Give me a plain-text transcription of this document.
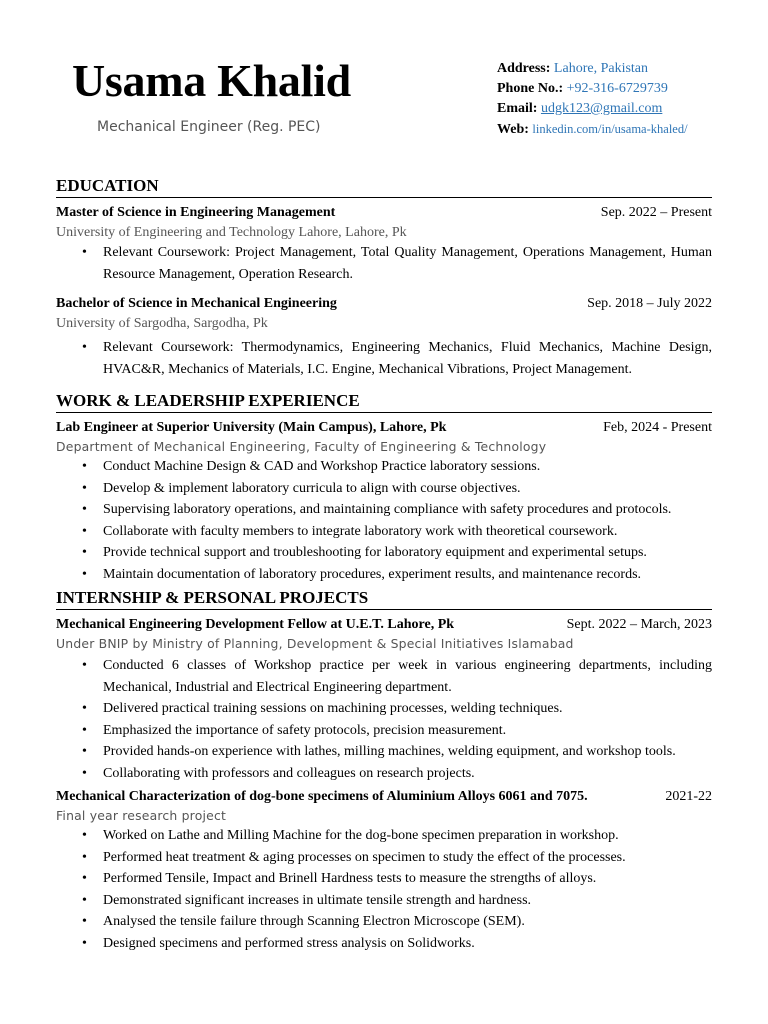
Usama Khalid
Mechanical Engineer (Reg. PEC)
Address: Lahore, Pakistan
Phone No.: +92-316-6729739
Email: udgk123@gmail.com
Web: linkedin.com/in/usama-khaled/
EDUCATION
Master of Science in Engineering Management	Sep. 2022 – Present
University of Engineering and Technology Lahore, Lahore, Pk
• Relevant Coursework: Project Management, Total Quality Management, Operations Management, Human Resource Management, Operation Research.
Bachelor of Science in Mechanical Engineering	Sep. 2018 – July 2022
University of Sargodha, Sargodha, Pk
• Relevant Coursework: Thermodynamics, Engineering Mechanics, Fluid Mechanics, Machine Design, HVAC&R, Mechanics of Materials, I.C. Engine, Mechanical Vibrations, Project Management.
WORK & LEADERSHIP EXPERIENCE
Lab Engineer at Superior University (Main Campus), Lahore, Pk	Feb, 2024 - Present
Department of Mechanical Engineering, Faculty of Engineering & Technology
• Conduct Machine Design & CAD and Workshop Practice laboratory sessions.
• Develop & implement laboratory curricula to align with course objectives.
• Supervising laboratory operations, and maintaining compliance with safety procedures and protocols.
• Collaborate with faculty members to integrate laboratory work with theoretical coursework.
• Provide technical support and troubleshooting for laboratory equipment and experimental setups.
• Maintain documentation of laboratory procedures, experiment results, and maintenance records.
INTERNSHIP & PERSONAL PROJECTS
Mechanical Engineering Development Fellow at U.E.T. Lahore, Pk	Sept. 2022 – March, 2023
Under BNIP by Ministry of Planning, Development & Special Initiatives Islamabad
• Conducted 6 classes of Workshop practice per week in various engineering departments, including Mechanical, Industrial and Electrical Engineering department.
• Delivered practical training sessions on machining processes, welding techniques.
• Emphasized the importance of safety protocols, precision measurement.
• Provided hands-on experience with lathes, milling machines, welding equipment, and workshop tools.
• Collaborating with professors and colleagues on research projects.
Mechanical Characterization of dog-bone specimens of Aluminium Alloys 6061 and 7075.	2021-22
Final year research project
• Worked on Lathe and Milling Machine for the dog-bone specimen preparation in workshop.
• Performed heat treatment & aging processes on specimen to study the effect of the processes.
• Performed Tensile, Impact and Brinell Hardness tests to measure the strengths of alloys.
• Demonstrated significant increases in ultimate tensile strength and hardness.
• Analysed the tensile failure through Scanning Electron Microscope (SEM).
• Designed specimens and performed stress analysis on Solidworks.
